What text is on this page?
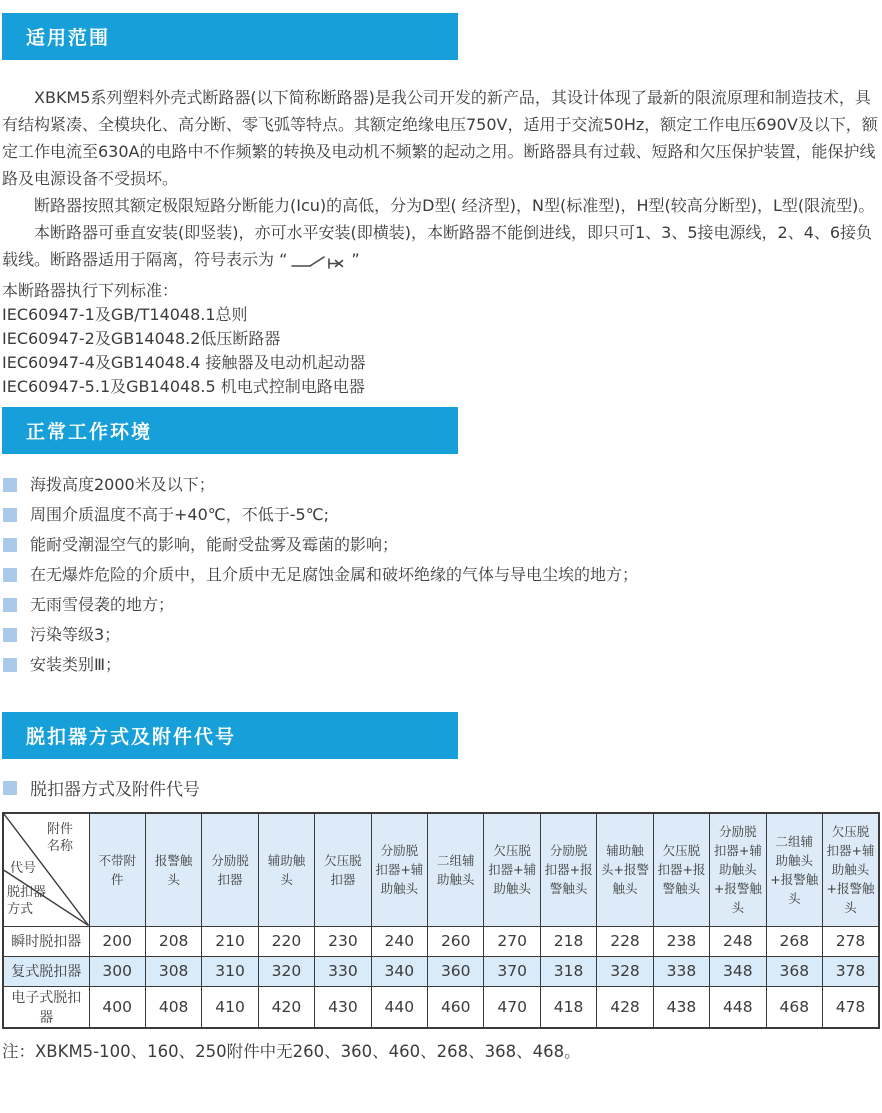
适用范围
XBKM5系列塑料外壳式断路器(以下简称断路器)是我公司开发的新产品，其设计体现了最新的限流原理和制造技术，具有结构紧凑、全模块化、高分断、零飞弧等特点。其额定绝缘电压750V，适用于交流50Hz，额定工作电压690V及以下，额定工作电流至630A的电路中不作频繁的转换及电动机不频繁的起动之用。断路器具有过载、短路和欠压保护装置，能保护线路及电源设备不受损坏。
断路器按照其额定极限短路分断能力(Icu)的高低，分为D型( 经济型)，N型(标准型)，H型(较高分断型)，L型(限流型)。
本断路器可垂直安装(即竖装)，亦可水平安装(即横装)，本断路器不能倒进线，即只可1、3、5接电源线，2、4、6接负载线。断路器适用于隔离，符号表示为 “	”
本断路器执行下列标准：
IEC60947-1及GB/T14048.1总则
IEC60947-2及GB14048.2低压断路器
IEC60947-4及GB14048.4 接触器及电动机起动器
IEC60947-5.1及GB14048.5 机电式控制电路电器
正常工作环境
海拨高度2000米及以下；
周围介质温度不高于+40℃，不低于-5℃;
能耐受潮湿空气的影响，能耐受盐雾及霉菌的影响；
在无爆炸危险的介质中，且介质中无足腐蚀金属和破坏绝缘的气体与导电尘埃的地方；
无雨雪侵袭的地方；
污染等级3；
安装类别Ⅲ；
脱扣器方式及附件代号
脱扣器方式及附件代号
附件名称
代号
脱扣器方式	不带附件	报警触头	分励脱扣器	辅助触头	欠压脱扣器	分励脱扣器+辅助触头	二组辅助触头	欠压脱扣器+辅助触头	分励脱扣器+报警触头	辅助触头+报警触头	欠压脱扣器+报警触头	分励脱扣器+辅助触头+报警触头	二组辅助触头+报警触头	欠压脱扣器+辅助触头+报警触头
瞬时脱扣器	200	208	210	220	230	240	260	270	218	228	238	248	268	278
复式脱扣器	300	308	310	320	330	340	360	370	318	328	338	348	368	378
电子式脱扣器	400	408	410	420	430	440	460	470	418	428	438	448	468	478
注：XBKM5-100、160、250附件中无260、360、460、268、368、468。
